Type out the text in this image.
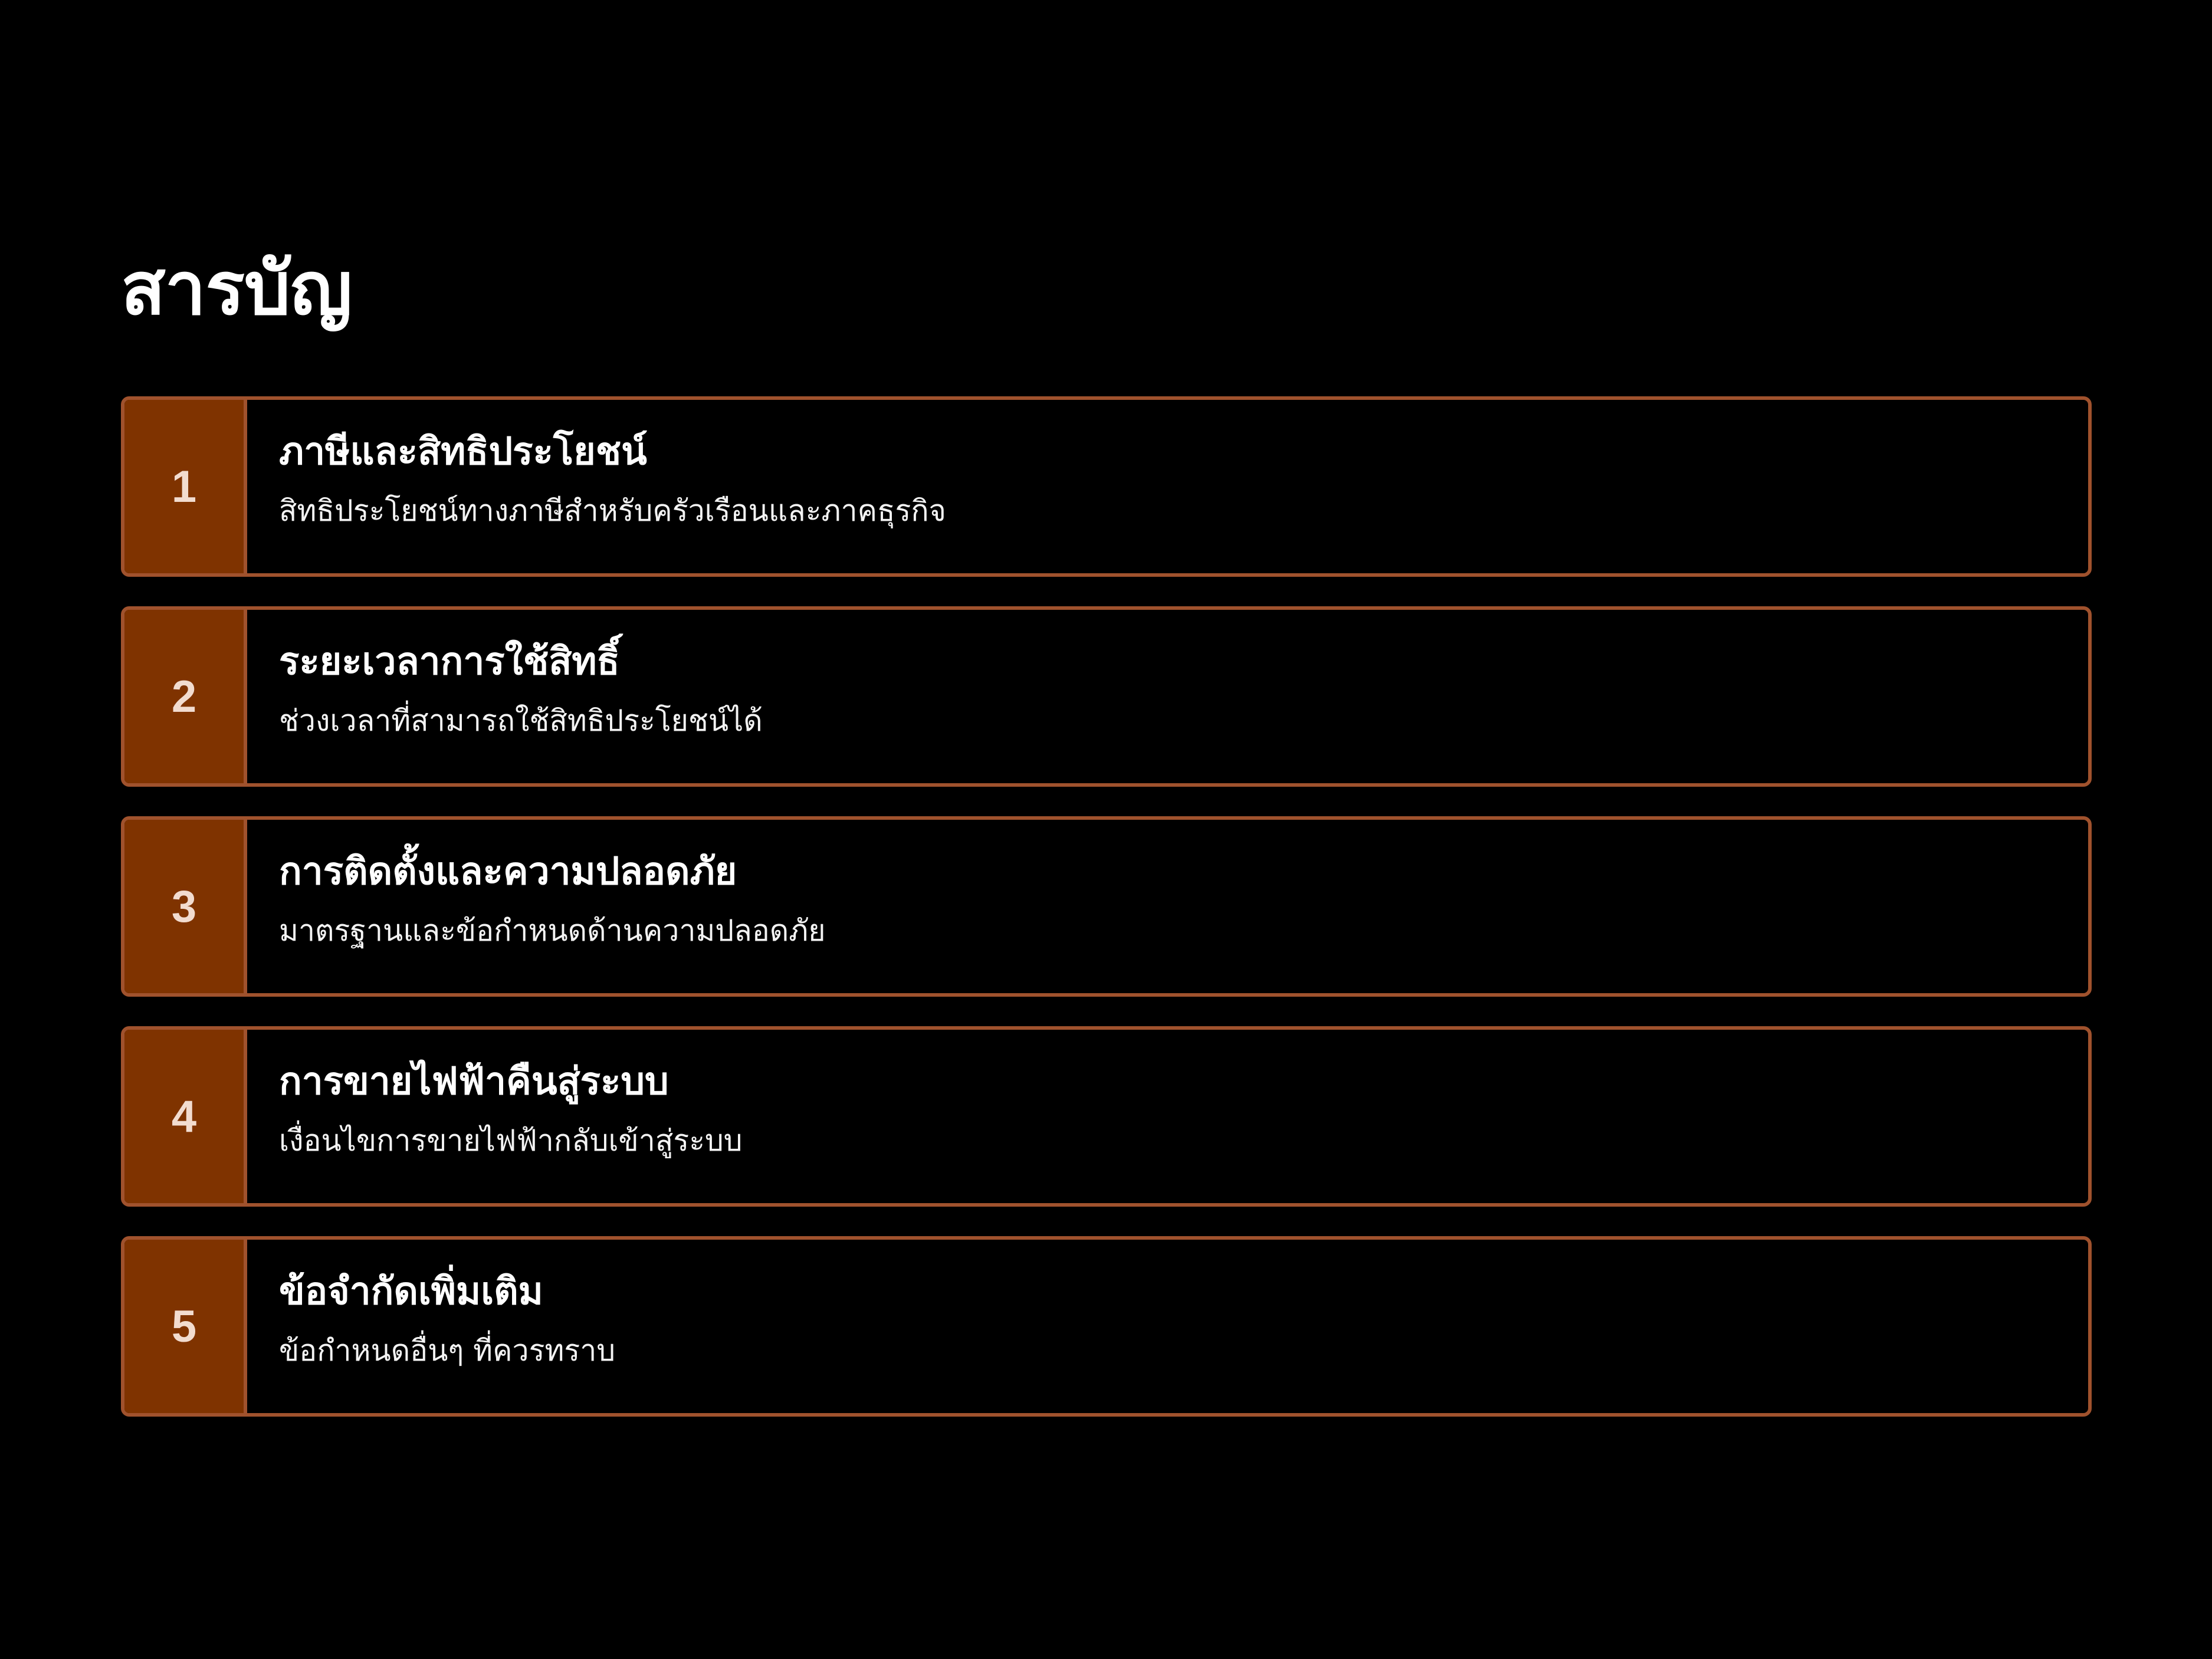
สารบัญ
1
ภาษีและสิทธิประโยชน์
สิทธิประโยชน์ทางภาษีสำหรับครัวเรือนและภาคธุรกิจ
2
ระยะเวลาการใช้สิทธิ์
ช่วงเวลาที่สามารถใช้สิทธิประโยชน์ได้
3
การติดตั้งและความปลอดภัย
มาตรฐานและข้อกำหนดด้านความปลอดภัย
4
การขายไฟฟ้าคืนสู่ระบบ
เงื่อนไขการขายไฟฟ้ากลับเข้าสู่ระบบ
5
ข้อจำกัดเพิ่มเติม
ข้อกำหนดอื่นๆ ที่ควรทราบ
